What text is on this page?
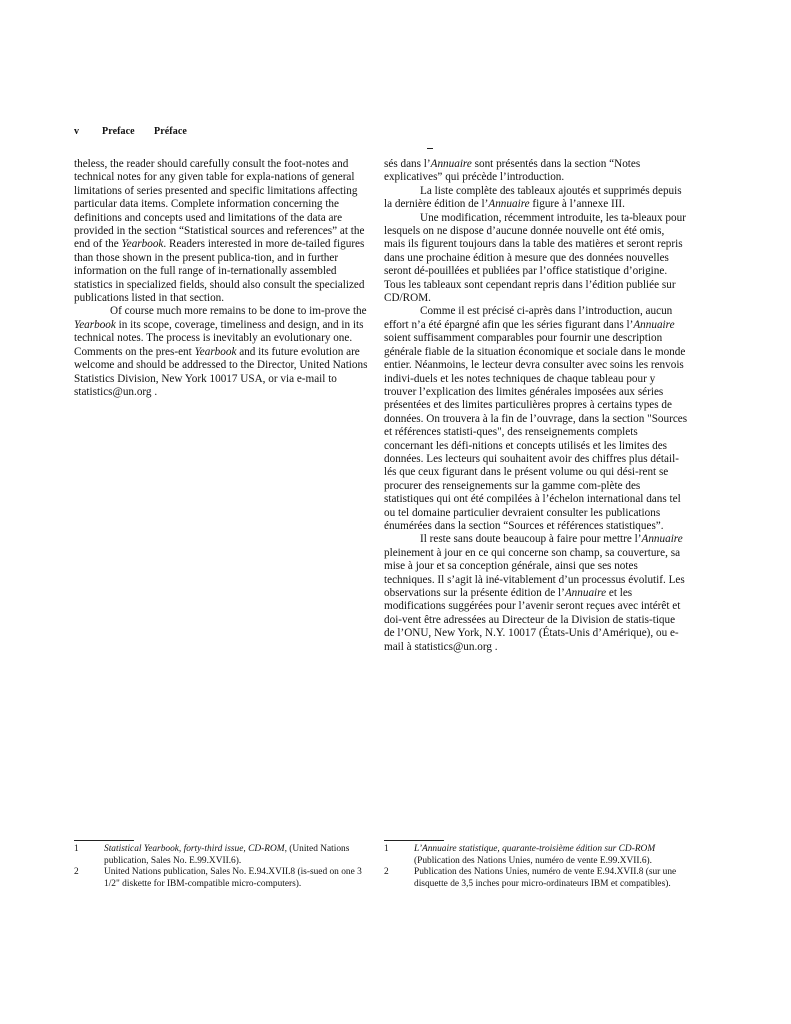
v Preface Préface

theless, the reader should carefully consult the foot-notes and technical notes for any given table for expla-nations of general limitations of series presented and specific limitations affecting particular data items. Complete information concerning the definitions and concepts used and limitations of the data are provided in the section “Statistical sources and references” at the end of the Yearbook. Readers interested in more de-tailed figures than those shown in the present publica-tion, and in further information on the full range of in-ternationally assembled statistics in specialized fields, should also consult the specialized publications listed in that section.

Of course much more remains to be done to im-prove the Yearbook in its scope, coverage, timeliness and design, and in its technical notes. The process is inevitably an evolutionary one. Comments on the pres-ent Yearbook and its future evolution are welcome and should be addressed to the Director, United Nations Statistics Division, New York 10017 USA, or via e-mail to statistics@un.org .

sés dans l’Annuaire sont présentés dans la section “Notes explicatives” qui précède l’introduction.

La liste complète des tableaux ajoutés et supprimés depuis la dernière édition de l’Annuaire figure à l’annexe III.

Une modification, récemment introduite, les ta-bleaux pour lesquels on ne dispose d’aucune donnée nouvelle ont été omis, mais ils figurent toujours dans la table des matières et seront repris dans une prochaine édition à mesure que des données nouvelles seront dé-pouillées et publiées par l’office statistique d’origine. Tous les tableaux sont cependant repris dans l’édition publiée sur CD/ROM.

Comme il est précisé ci-après dans l’introduction, aucun effort n’a été épargné afin que les séries figurant dans l’Annuaire soient suffisamment comparables pour fournir une description générale fiable de la situation économique et sociale dans le monde entier. Néanmoins, le lecteur devra consulter avec soins les renvois indivi-duels et les notes techniques de chaque tableau pour y trouver l’explication des limites générales imposées aux séries présentées et des limites particulières propres à certains types de données. On trouvera à la fin de l’ouvrage, dans la section "Sources et références statisti-ques", des renseignements complets concernant les défi-nitions et concepts utilisés et les limites des données. Les lecteurs qui souhaitent avoir des chiffres plus détail-lés que ceux figurant dans le présent volume ou qui dési-rent se procurer des renseignements sur la gamme com-plète des statistiques qui ont été compilées à l’échelon international dans tel ou tel domaine particulier devraient consulter les publications énumérées dans la section “Sources et références statistiques”.

Il reste sans doute beaucoup à faire pour mettre l’Annuaire pleinement à jour en ce qui concerne son champ, sa couverture, sa mise à jour et sa conception générale, ainsi que ses notes techniques. Il s’agit là iné-vitablement d’un processus évolutif. Les observations sur la présente édition de l’Annuaire et les modifications suggérées pour l’avenir seront reçues avec intérêt et doi-vent être adressées au Directeur de la Division de statis-tique de l’ONU, New York, N.Y. 10017 (États-Unis d’Amérique), ou e-mail à statistics@un.org .

1	Statistical Yearbook, forty-third issue, CD-ROM, (United Nations publication, Sales No. E.99.XVII.6).
2	United Nations publication, Sales No. E.94.XVII.8 (is-sued on one 3 1/2" diskette for IBM-compatible micro-computers).
1	L’Annuaire statistique, quarante-troisième édition sur CD-ROM (Publication des Nations Unies, numéro de vente E.99.XVII.6).
2	Publication des Nations Unies, numéro de vente E.94.XVII.8 (sur une disquette de 3,5 inches pour micro-ordinateurs IBM et compatibles).
